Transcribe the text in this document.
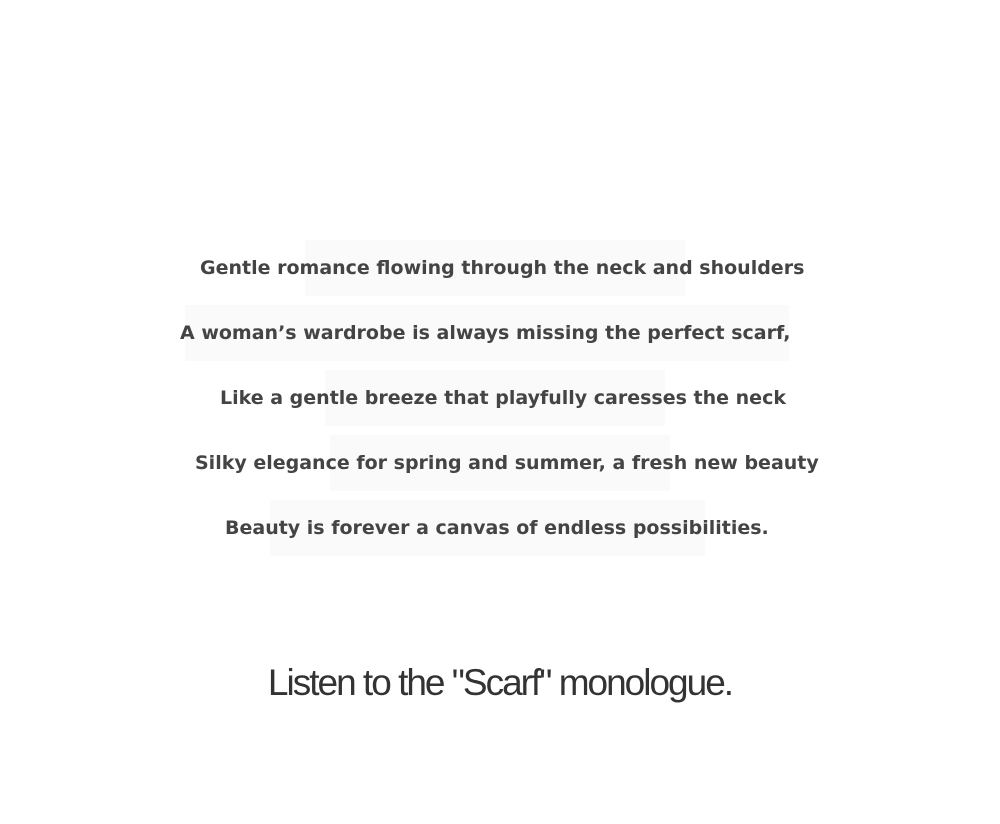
Gentle romance flowing through the neck and shoulders
A woman’s wardrobe is always missing the perfect scarf,
Like a gentle breeze that playfully caresses the neck
Silky elegance for spring and summer, a fresh new beauty
Beauty is forever a canvas of endless possibilities.
Listen to the "Scarf" monologue.
